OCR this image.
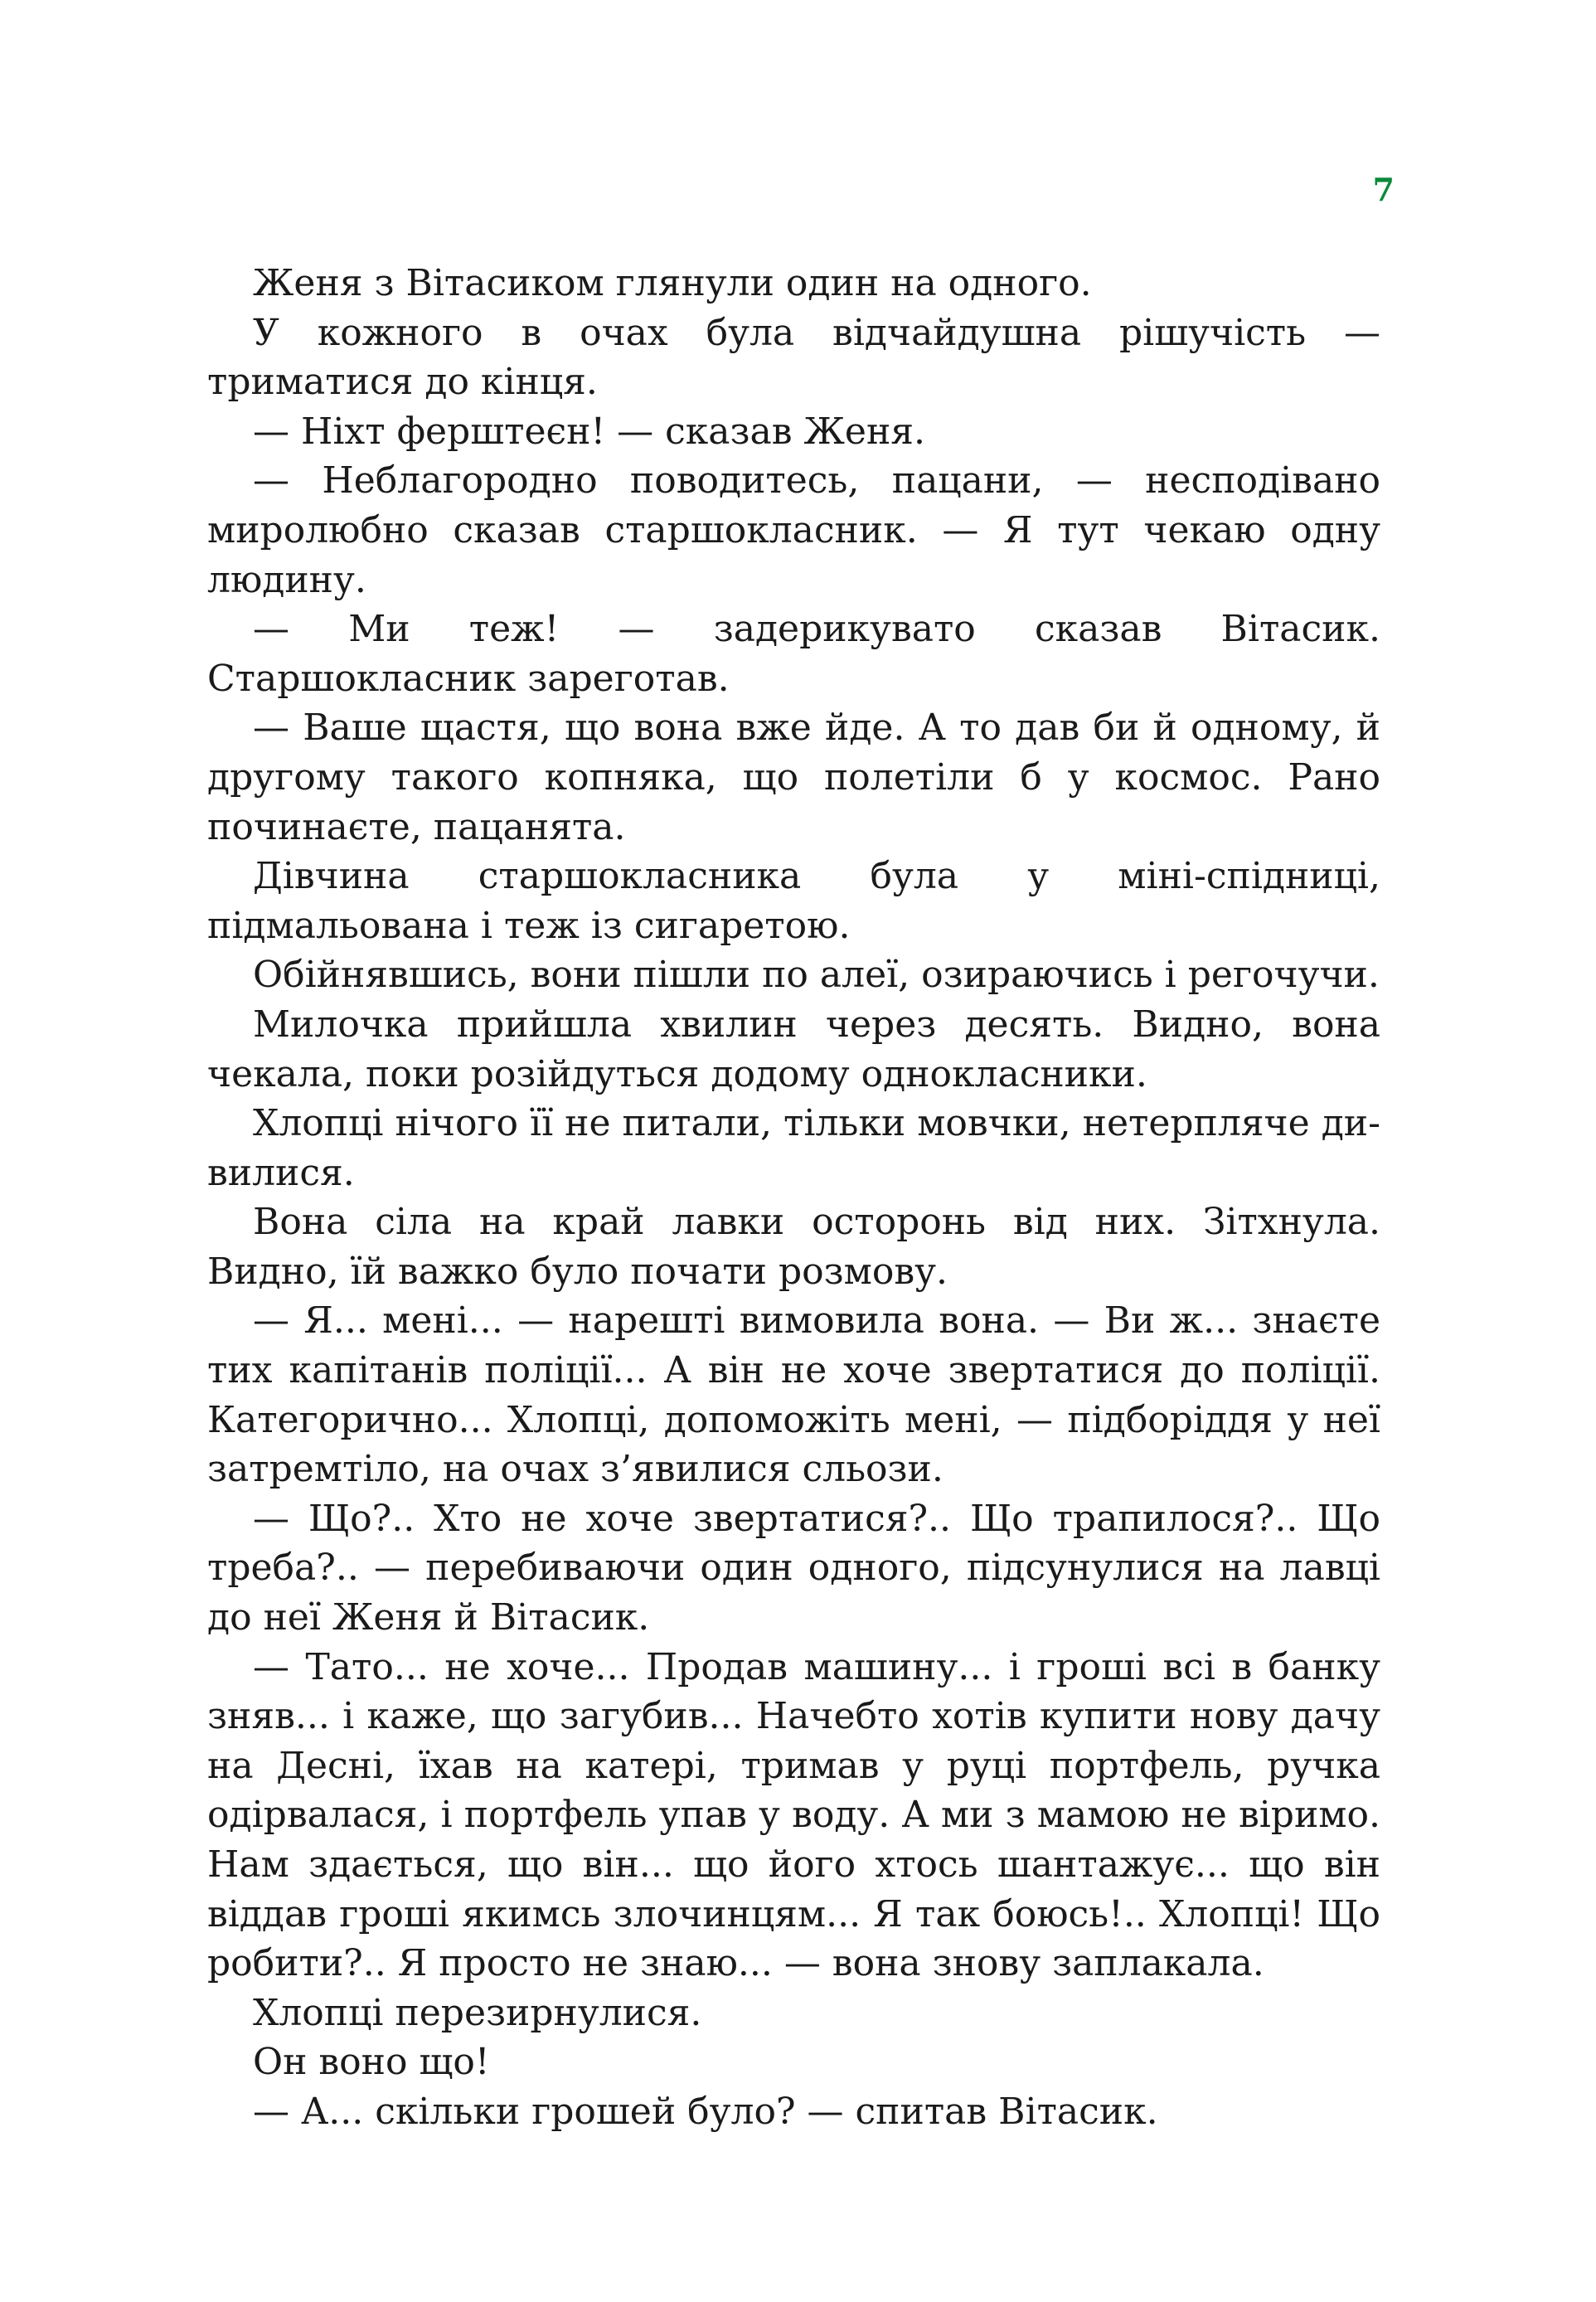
7

Женя з Вітасиком глянули один на одного.

У кожного в очах була відчайдушна рішучість — триматися до кінця.

— Ніхт ферштеєн! — сказав Женя.

— Неблагородно поводитесь, пацани, — несподівано миролюбно сказав старшокласник. — Я тут чекаю одну людину.

— Ми теж! — задерикувато сказав Вітасик. Старшокласник зареготав.

— Ваше щастя, що вона вже йде. А то дав би й одному, й другому такого копняка, що полетіли б у космос. Рано починаєте, пацанята.

Дівчина старшокласника була у міні-спідниці, підмальована і теж із сигаретою.

Обійнявшись, вони пішли по алеї, озираючись і регочучи.

Милочка прийшла хвилин через десять. Видно, вона чекала, поки розійдуться додому однокласники.

Хлопці нічого її не питали, тільки мовчки, нетерпляче дивилися.

Вона сіла на край лавки осторонь від них. Зітхнула. Видно, їй важко було почати розмову.

— Я... мені... — нарешті вимовила вона. — Ви ж... знаєте тих капітанів поліції... А він не хоче звертатися до поліції. Категорично... Хлопці, допоможіть мені, — підборіддя у неї затремтіло, на очах з’явилися сльози.

— Що?.. Хто не хоче звертатися?.. Що трапилося?.. Що треба?.. — перебиваючи один одного, підсунулися на лавці до неї Женя й Вітасик.

— Тато... не хоче... Продав машину... і гроші всі в банку зняв... і каже, що загубив... Начебто хотів купити нову дачу на Десні, їхав на катері, тримав у руці портфель, ручка одірвалася, і портфель упав у воду. А ми з мамою не віримо. Нам здається, що він... що його хтось шантажує... що він віддав гроші якимсь злочинцям... Я так боюсь!.. Хлопці! Що робити?.. Я просто не знаю... — вона знову заплакала.

Хлопці перезирнулися.

Он воно що!

— А... скільки грошей було? — спитав Вітасик.
